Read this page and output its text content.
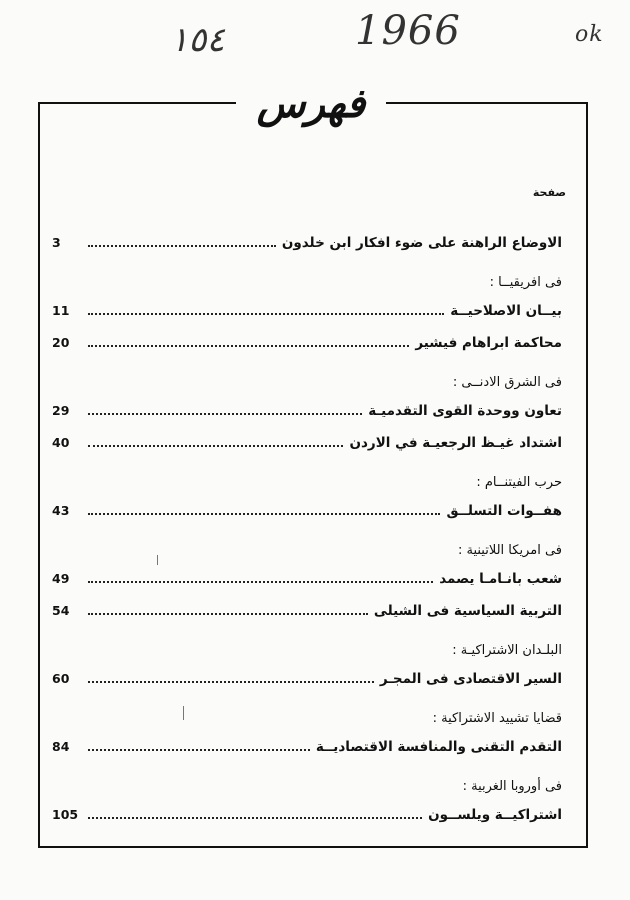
١٥٤	1966	ok
فهرس
صفحة
الاوضاع الراهنة على ضوء افكار ابن خلدون
3
فى افريقيــا :
بيــان الاصلاحيــة
11
محاكمة ابراهام فيشير
20
فى الشرق الادنــى :
تعاون ووحدة القوى التقدميـة
29
اشتداد غيـظ الرجعيـة في الاردن
40
حرب الفيتنــام :
هفــوات التسلــق
43
فى امريكا اللاتينية :
شعب بانـامـا يصمد
49
التربية السياسية فى الشيلى
54
البلـدان الاشتراكيـة :
السير الاقتصادى فى المجـر
60
قضايا تشييد الاشتراكية :
التقدم التقنى والمنافسة الاقتصاديــة
84
فى أوروبا الغربية :
اشتراكيــة ويلســون
105
